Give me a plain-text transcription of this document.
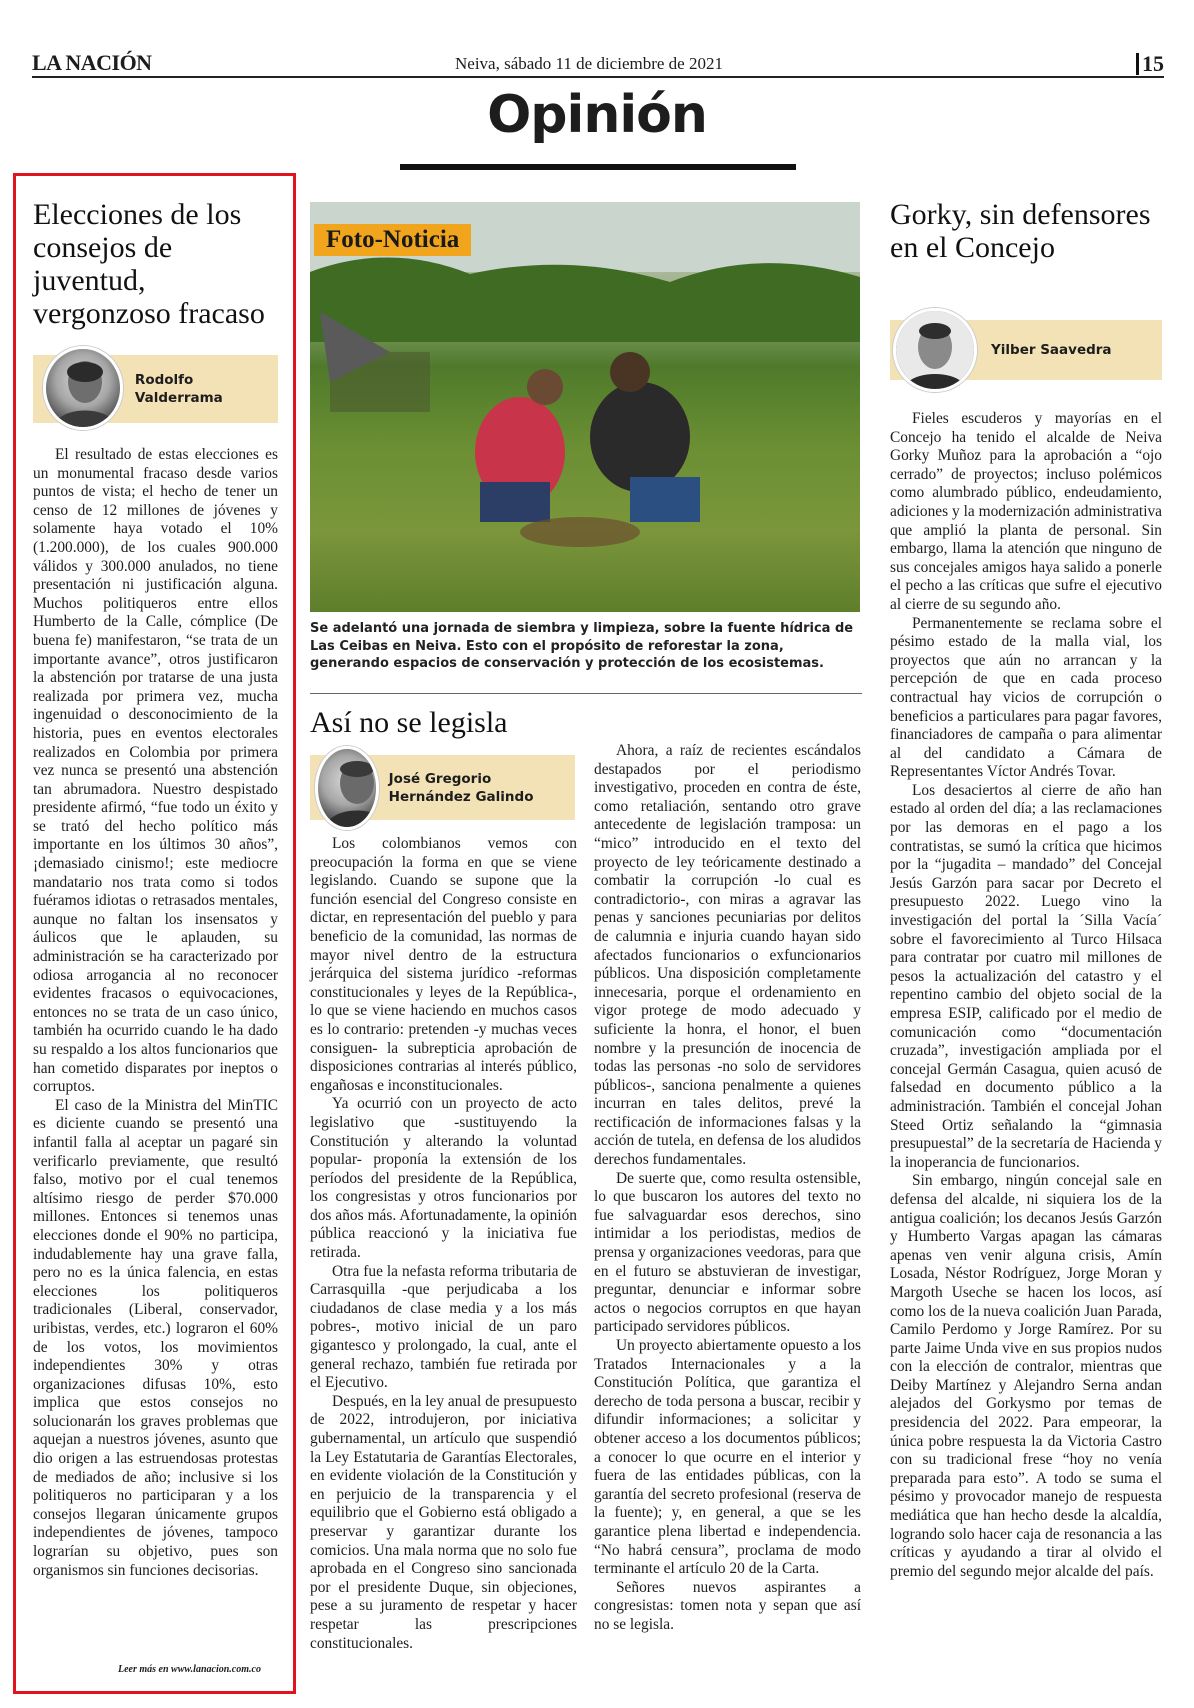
LA NACIÓN	Neiva, sábado 11 de diciembre de 2021	15
Opinión
Elecciones de los consejos de juventud, vergonzoso fracaso
Rodolfo Valderrama

El resultado de estas elecciones es un monumental fracaso desde varios puntos de vista; el hecho de tener un censo de 12 millones de jóvenes y solamente haya votado el 10% (1.200.000), de los cuales 900.000 válidos y 300.000 anulados, no tiene presentación ni justificación alguna. Muchos politiqueros entre ellos Humberto de la Calle, cómplice (De buena fe) manifestaron, “se trata de un importante avance”, otros justificaron la abstención por tratarse de una justa realizada por primera vez, mucha ingenuidad o desconocimiento de la historia, pues en eventos electorales realizados en Colombia por primera vez nunca se presentó una abstención tan abrumadora. Nuestro despistado presidente afirmó, “fue todo un éxito y se trató del hecho político más importante en los últimos 30 años”, ¡demasiado cinismo!; este mediocre mandatario nos trata como si todos fuéramos idiotas o retrasados mentales, aunque no faltan los insensatos y áulicos que le aplauden, su administración se ha caracterizado por odiosa arrogancia al no reconocer evidentes fracasos o equivocaciones, entonces no se trata de un caso único, también ha ocurrido cuando le ha dado su respaldo a los altos funcionarios que han cometido disparates por ineptos o corruptos.

El caso de la Ministra del MinTIC es diciente cuando se presentó una infantil falla al aceptar un pagaré sin verificarlo previamente, que resultó falso, motivo por el cual tenemos altísimo riesgo de perder $70.000 millones. Entonces si tenemos unas elecciones donde el 90% no participa, indudablemente hay una grave falla, pero no es la única falencia, en estas elecciones los politiqueros tradicionales (Liberal, conservador, uribistas, verdes, etc.) lograron el 60% de los votos, los movimientos independientes 30% y otras organizaciones difusas 10%, esto implica que estos consejos no solucionarán los graves problemas que aquejan a nuestros jóvenes, asunto que dio origen a las estruendosas protestas de mediados de año; inclusive si los politiqueros no participaran y a los consejos llegaran únicamente grupos independientes de jóvenes, tampoco lograrían su objetivo, pues son organismos sin funciones decisorias.

Leer más en www.lanacion.com.co
Foto-Noticia
Se adelantó una jornada de siembra y limpieza, sobre la fuente hídrica de Las Ceibas en Neiva. Esto con el propósito de reforestar la zona, generando espacios de conservación y protección de los ecosistemas.
Así no se legisla
José Gregorio Hernández Galindo

Los colombianos vemos con preocupación la forma en que se viene legislando. Cuando se supone que la función esencial del Congreso consiste en dictar, en representación del pueblo y para beneficio de la comunidad, las normas de mayor nivel dentro de la estructura jerárquica del sistema jurídico -reformas constitucionales y leyes de la República-, lo que se viene haciendo en muchos casos es lo contrario: pretenden -y muchas veces consiguen- la subrepticia aprobación de disposiciones contrarias al interés público, engañosas e inconstitucionales.

Ya ocurrió con un proyecto de acto legislativo que -sustituyendo la Constitución y alterando la voluntad popular- proponía la extensión de los períodos del presidente de la República, los congresistas y otros funcionarios por dos años más. Afortunadamente, la opinión pública reaccionó y la iniciativa fue retirada.

Otra fue la nefasta reforma tributaria de Carrasquilla -que perjudicaba a los ciudadanos de clase media y a los más pobres-, motivo inicial de un paro gigantesco y prolongado, la cual, ante el general rechazo, también fue retirada por el Ejecutivo.

Después, en la ley anual de presupuesto de 2022, introdujeron, por iniciativa gubernamental, un artículo que suspendió la Ley Estatutaria de Garantías Electorales, en evidente violación de la Constitución y en perjuicio de la transparencia y el equilibrio que el Gobierno está obligado a preservar y garantizar durante los comicios. Una mala norma que no solo fue aprobada en el Congreso sino sancionada por el presidente Duque, sin objeciones, pese a su juramento de respetar y hacer respetar las prescripciones constitucionales.

Ahora, a raíz de recientes escándalos destapados por el periodismo investigativo, proceden en contra de éste, como retaliación, sentando otro grave antecedente de legislación tramposa: un “mico” introducido en el texto del proyecto de ley teóricamente destinado a combatir la corrupción -lo cual es contradictorio-, con miras a agravar las penas y sanciones pecuniarias por delitos de calumnia e injuria cuando hayan sido afectados funcionarios o exfuncionarios públicos. Una disposición completamente innecesaria, porque el ordenamiento en vigor protege de modo adecuado y suficiente la honra, el honor, el buen nombre y la presunción de inocencia de todas las personas -no solo de servidores públicos-, sanciona penalmente a quienes incurran en tales delitos, prevé la rectificación de informaciones falsas y la acción de tutela, en defensa de los aludidos derechos fundamentales.

De suerte que, como resulta ostensible, lo que buscaron los autores del texto no fue salvaguardar esos derechos, sino intimidar a los periodistas, medios de prensa y organizaciones veedoras, para que en el futuro se abstuvieran de investigar, preguntar, denunciar e informar sobre actos o negocios corruptos en que hayan participado servidores públicos.

Un proyecto abiertamente opuesto a los Tratados Internacionales y a la Constitución Política, que garantiza el derecho de toda persona a buscar, recibir y difundir informaciones; a solicitar y obtener acceso a los documentos públicos; a conocer lo que ocurre en el interior y fuera de las entidades públicas, con la garantía del secreto profesional (reserva de la fuente); y, en general, a que se les garantice plena libertad e independencia. “No habrá censura”, proclama de modo terminante el artículo 20 de la Carta.

Señores nuevos aspirantes a congresistas: tomen nota y sepan que así no se legisla.

Gorky, sin defensores en el Concejo
Yilber Saavedra

Fieles escuderos y mayorías en el Concejo ha tenido el alcalde de Neiva Gorky Muñoz para la aprobación a “ojo cerrado” de proyectos; incluso polémicos como alumbrado público, endeudamiento, adiciones y la modernización administrativa que amplió la planta de personal. Sin embargo, llama la atención que ninguno de sus concejales amigos haya salido a ponerle el pecho a las críticas que sufre el ejecutivo al cierre de su segundo año.

Permanentemente se reclama sobre el pésimo estado de la malla vial, los proyectos que aún no arrancan y la percepción de que en cada proceso contractual hay vicios de corrupción o beneficios a particulares para pagar favores, financiadores de campaña o para alimentar al del candidato a Cámara de Representantes Víctor Andrés Tovar.

Los desaciertos al cierre de año han estado al orden del día; a las reclamaciones por las demoras en el pago a los contratistas, se sumó la crítica que hicimos por la “jugadita – mandado” del Concejal Jesús Garzón para sacar por Decreto el presupuesto 2022. Luego vino la investigación del portal la ´Silla Vacía´ sobre el favorecimiento al Turco Hilsaca para contratar por cuatro mil millones de pesos la actualización del catastro y el repentino cambio del objeto social de la empresa ESIP, calificado por el medio de comunicación como “documentación cruzada”, investigación ampliada por el concejal Germán Casagua, quien acusó de falsedad en documento público a la administración. También el concejal Johan Steed Ortiz señalando la “gimnasia presupuestal” de la secretaría de Hacienda y la inoperancia de funcionarios.

Sin embargo, ningún concejal sale en defensa del alcalde, ni siquiera los de la antigua coalición; los decanos Jesús Garzón y Humberto Vargas apagan las cámaras apenas ven venir alguna crisis, Amín Losada, Néstor Rodríguez, Jorge Moran y Margoth Useche se hacen los locos, así como los de la nueva coalición Juan Parada, Camilo Perdomo y Jorge Ramírez. Por su parte Jaime Unda vive en sus propios nudos con la elección de contralor, mientras que Deiby Martínez y Alejandro Serna andan alejados del Gorkysmo por temas de presidencia del 2022. Para empeorar, la única pobre respuesta la da Victoria Castro con su tradicional frese “hoy no venía preparada para esto”. A todo se suma el pésimo y provocador manejo de respuesta mediática que han hecho desde la alcaldía, logrando solo hacer caja de resonancia a las críticas y ayudando a tirar al olvido el premio del segundo mejor alcalde del país.
